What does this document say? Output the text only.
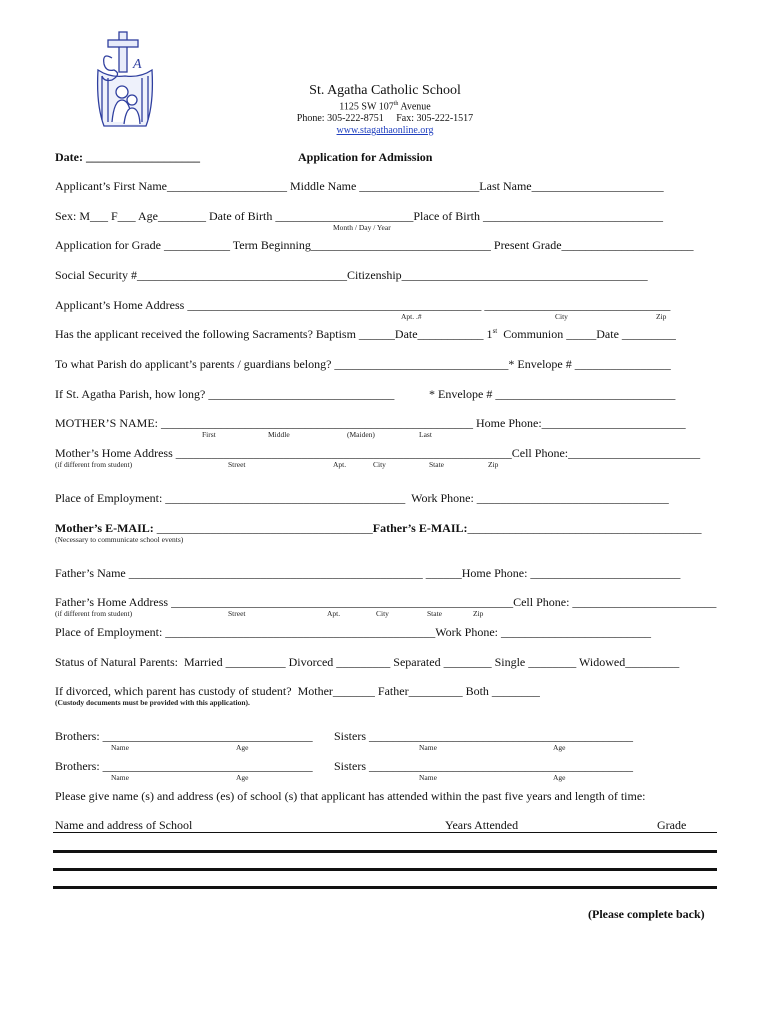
A
St. Agatha Catholic School
1125 SW 107th Avenue
Phone: 305-222-8751     Fax: 305-222-1517
www.stagathaonline.org
Date: ___________________	Application for Admission
Applicant’s First Name____________________ Middle Name ____________________Last Name______________________
Sex: M___ F___ Age________ Date of Birth _______________________Place of Birth ______________________________
Month / Day / Year
Application for Grade ___________ Term Beginning______________________________ Present Grade______________________
Social Security #___________________________________Citizenship_________________________________________
Applicant’s Home Address _________________________________________________ _______________________________
Apt. .#	City	Zip
Has the applicant received the following Sacraments? Baptism ______Date___________ 1st  Communion _____Date _________
To what Parish do applicant’s parents / guardians belong? _____________________________* Envelope # ________________
If St. Agatha Parish, how long? _______________________________	* Envelope # ______________________________
MOTHER’S NAME: ____________________________________________________ Home Phone:________________________
First	Middle	(Maiden)	Last
Mother’s Home Address ________________________________________________________Cell Phone:______________________
(if different from student)	Street	Apt.	City	State	Zip
Place of Employment: ________________________________________  Work Phone: ________________________________
Mother’s E-MAIL: ____________________________________Father’s E-MAIL:_______________________________________
(Necessary to communicate school events)
Father’s Name _________________________________________________ ______Home Phone: _________________________
Father’s Home Address _________________________________________________________Cell Phone: ________________________
(if different from student)	Street	Apt.	City	State	Zip
Place of Employment: _____________________________________________Work Phone: _________________________
Status of Natural Parents:  Married __________ Divorced _________ Separated ________ Single ________ Widowed_________
If divorced, which parent has custody of student?  Mother_______ Father_________ Both ________
(Custody documents must be provided with this application).
Brothers: ___________________________________ Sisters ____________________________________________
Name	Age	Name	Age
Brothers: ___________________________________ Sisters ____________________________________________
Name	Age	Name	Age
Please give name (s) and address (es) of school (s) that applicant has attended within the past five years and length of time:
Name and address of School	Years Attended	Grade
(Please complete back)
